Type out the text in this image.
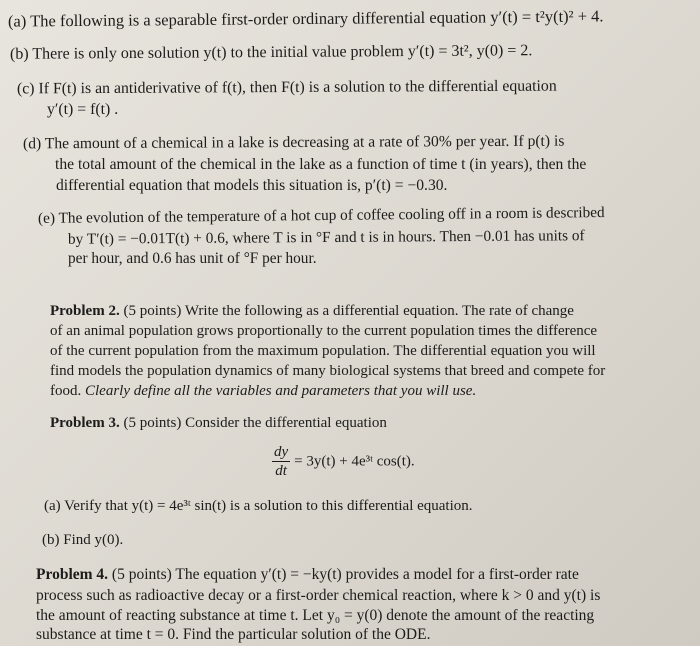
(a) The following is a separable first-order ordinary differential equation y′(t) = t²y(t)² + 4.
(b) There is only one solution y(t) to the initial value problem y′(t) = 3t², y(0) = 2.
(c) If F(t) is an antiderivative of f(t), then F(t) is a solution to the differential equation
y′(t) = f(t) .
(d) The amount of a chemical in a lake is decreasing at a rate of 30% per year. If p(t) is
the total amount of the chemical in the lake as a function of time t (in years), then the
differential equation that models this situation is, p′(t) = −0.30.
(e) The evolution of the temperature of a hot cup of coffee cooling off in a room is described
by T′(t) = −0.01T(t) + 0.6, where T is in °F and t is in hours. Then −0.01 has units of
per hour, and 0.6 has unit of °F per hour.
Problem 2. (5 points) Write the following as a differential equation. The rate of change
of an animal population grows proportionally to the current population times the difference
of the current population from the maximum population. The differential equation you will
find models the population dynamics of many biological systems that breed and compete for
food. Clearly define all the variables and parameters that you will use.
Problem 3. (5 points) Consider the differential equation
$\frac{dy}{dt} = 3y(t)$ + 4e³ᵗ cos(t).
(a) Verify that y(t) = 4e³ᵗ sin(t) is a solution to this differential equation.
(b) Find y(0).
Problem 4. (5 points) The equation y′(t) = −ky(t) provides a model for a first-order rate
process such as radioactive decay or a first-order chemical reaction, where k > 0 and y(t) is
the amount of reacting substance at time t. Let y₀ = y(0) denote the amount of the reacting
substance at time t = 0. Find the particular solution of the ODE.
